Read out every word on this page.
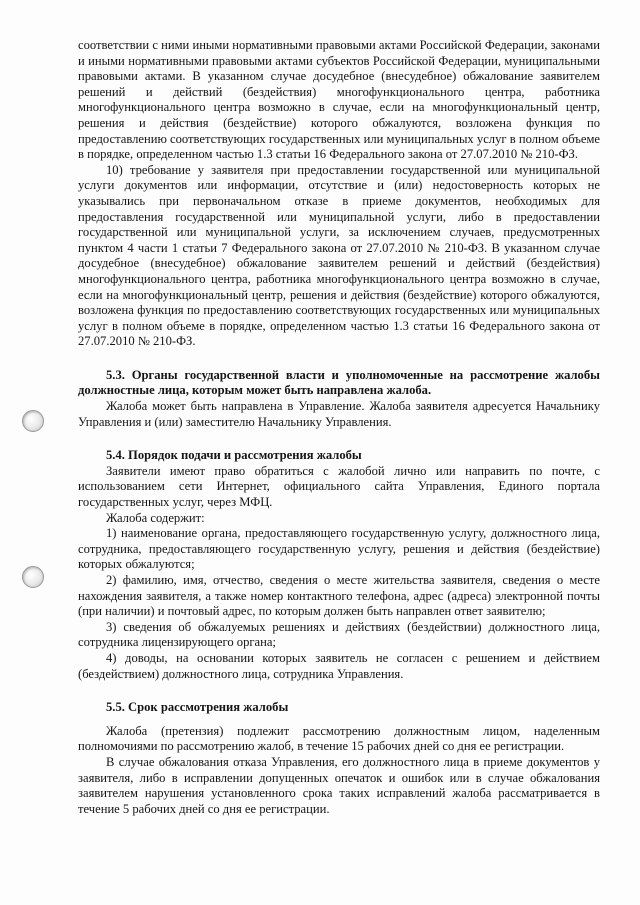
соответствии с ними иными нормативными правовыми актами Российской Федерации, законами и иными нормативными правовыми актами субъектов Российской Федерации, муниципальными правовыми актами. В указанном случае досудебное (внесудебное) обжалование заявителем решений и действий (бездействия) многофункционального центра, работника многофункционального центра возможно в случае, если на многофункциональный центр, решения и действия (бездействие) которого обжалуются, возложена функция по предоставлению соответствующих государственных или муниципальных услуг в полном объеме в порядке, определенном частью 1.3 статьи 16 Федерального закона от 27.07.2010 № 210-ФЗ.

10) требование у заявителя при предоставлении государственной или муниципальной услуги документов или информации, отсутствие и (или) недостоверность которых не указывались при первоначальном отказе в приеме документов, необходимых для предоставления государственной или муниципальной услуги, либо в предоставлении государственной или муниципальной услуги, за исключением случаев, предусмотренных пунктом 4 части 1 статьи 7 Федерального закона от 27.07.2010 № 210-ФЗ. В указанном случае досудебное (внесудебное) обжалование заявителем решений и действий (бездействия) многофункционального центра, работника многофункционального центра возможно в случае, если на многофункциональный центр, решения и действия (бездействие) которого обжалуются, возложена функция по предоставлению соответствующих государственных или муниципальных услуг в полном объеме в порядке, определенном частью 1.3 статьи 16 Федерального закона от 27.07.2010 № 210-ФЗ.

5.3. Органы государственной власти и уполномоченные на рассмотрение жалобы должностные лица, которым может быть направлена жалоба.

Жалоба может быть направлена в Управление. Жалоба заявителя адресуется Начальнику Управления и (или) заместителю Начальнику Управления.

5.4. Порядок подачи и рассмотрения жалобы

Заявители имеют право обратиться с жалобой лично или направить по почте, с использованием сети Интернет, официального сайта Управления, Единого портала государственных услуг, через МФЦ.

Жалоба содержит:

1) наименование органа, предоставляющего государственную услугу, должностного лица, сотрудника, предоставляющего государственную услугу, решения и действия (бездействие) которых обжалуются;

2) фамилию, имя, отчество, сведения о месте жительства заявителя, сведения о месте нахождения заявителя, а также номер контактного телефона, адрес (адреса) электронной почты (при наличии) и почтовый адрес, по которым должен быть направлен ответ заявителю;

3) сведения об обжалуемых решениях и действиях (бездействии) должностного лица, сотрудника лицензирующего органа;

4) доводы, на основании которых заявитель не согласен с решением и действием (бездействием) должностного лица, сотрудника Управления.

5.5. Срок рассмотрения жалобы

Жалоба (претензия) подлежит рассмотрению должностным лицом, наделенным полномочиями по рассмотрению жалоб, в течение 15 рабочих дней со дня ее регистрации.

В случае обжалования отказа Управления, его должностного лица в приеме документов у заявителя, либо в исправлении допущенных опечаток и ошибок или в случае обжалования заявителем нарушения установленного срока таких исправлений жалоба рассматривается в течение 5 рабочих дней со дня ее регистрации.
